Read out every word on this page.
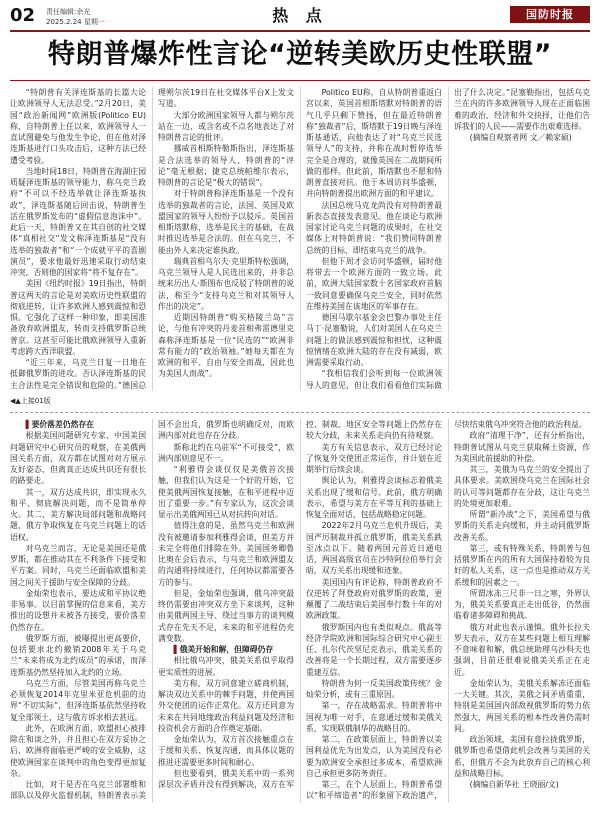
02 责任编辑:余光
2025.2.24 星期一	热 点	国防时报
特朗普爆炸性言论“逆转美欧历史性联盟”

“特朗普有关泽连斯基的长篇大论让欧洲领导人无法忍受。”2月20日，美国“政治新闻网”欧洲版(Politico EU)称，自特朗普上任以来，欧洲领导人一直试图避免与他发生争论，但在他对泽连斯基进行口头攻击后，这种方法已经遭受考验。

当地时间18日，特朗普在海湖庄园质疑泽连斯基的领导能力，称乌克兰政府“不可以不经选举就让泽连斯基执政”，泽连斯基随后回击说，特朗普生活在俄罗斯发布的“虚假信息泡沫中”。此后一天，特朗普又在其自创的社交媒体“真相社交”发文称泽连斯基是“没有选举的独裁者”和“一个成就平平的喜剧演员”，要求他最好迅速采取行动结束冲突，否则他的国家将“将不复存在”。

美国《纽约时报》19日指出，特朗普这两天的言论是对美欧历史性联盟的彻底逆转，让许多欧洲人感到震惊和恐惧。它强化了这样一种印象，即美国准备放弃欧洲盟友，转而支持俄罗斯总统普京。这甚至可能比俄欧洲领导人重新考虑跨大西洋联盟。

“近三年来，乌克兰日复一日地在抵御俄罗斯的进攻。否认泽连斯基的民主合法性是完全错误和危险的。”德国总理朔尔茨19日在社交媒体平台X上发文写道。

大部分欧洲国家领导人都与朔尔茨站在一边，或含名或不点名地表达了对特朗普言论的批评。

挪威首相斯特勒斯指出，泽连斯基是合法选举的领导人，特朗普的“评论”毫无根据；捷克总统帕维尔表示，特朗普的言论是“极大的错误”。

对于特朗普称泽连斯基是一个没有选举的独裁者的言论，法国、英国及欧盟国家的领导人纷纷予以驳斥。英国首相斯塔默称，选举是民主的基础，在战时推迟选举是合法的。但在乌克兰，不能由外人来决定谁执政。

瑞典首相乌尔夫·克里斯特松强调，乌克兰领导人是人民选出来的，并非总统来历出人·斯图布也反驳了特朗普的说法，称至今“支持乌克兰和对其领导人作出的决定”。

近期因特朗普“购买格陵兰岛”言论，与他有冲突的丹麦首相弗雷德里克森称泽连斯基是一位“民选的”“欧洲非常有能力的”政治领袖。”她每天都在为欧洲的和平、自由与安全而战，因此也为美国人而战”。

Politico EU称，自从特朗普重返白宫以来，英国首相斯塔默对特朗普的语气几乎只剩下赞扬，但在最近特朗普称“独裁者”后，斯塔默于19日晚与泽连斯基通话，向他表达了对“乌克兰民选领导人”的支持，并称在战时暂停选举完全是合理的，就像英国在二战期间所做的那样。但此前，斯塔默也不愿和特朗普直接对抗。他于本周访问华盛顿，并向特朗普提出欧洲方面的和平建议。

法国总统马克龙尚没有对特朗普最新表态直接发表意见。他在谈论与欧洲国家讨论乌克兰问题的成果时，在社交媒体上对特朗普说：“我们赞同特朗普总统的目标，即结束乌克兰的战争。

但他下周才会访问华盛顿，届时他将带去一个欧洲方面的一致立场。此前，欧洲大陆国家数十名国家政府首脑一致同意要确保乌克兰安全，同时依然在维持美国在该地区的军事存在。

德国马歇尔基金会巴黎办事处主任马丁·昆塞勒说，人们对美国人在乌克兰问题上的做法感到震惊和担忧，这种震惊情绪在欧洲大陆的存在没有减弱，欧洲需要采取行动。

“我相信我们会听到每一位欧洲领导人的意见，但让我们看看他们实际做出了什么决定。”昆塞勒指出，包括乌克兰在内的许多欧洲领导人现在正面临困难的政治、经济和外交抉择，让他们告诉我们的人民——需要作出艰难选择。

(摘编自观察者网 文／赖家硕)

◀▲上接01版

▌要价落差仍然存在

根据美国问题研究专家、中国美国问题研究中心研究员的观察，在美俄两国关系方面，双方都在试图对对方展示友好姿态，但离真正达成共识还有很长的路要走。

其一，双方达成共识，即实现永久和平、彻底解决问题，而不是简单停火。其二，美方解决局部问题和战略问题，俄方争取恢复在乌克兰问题上的话语权。

对乌克兰而言，无论是美国还是俄罗斯，都在推动其在不利条件下接受和平方案。同时，乌克兰还面临欧盟和美国之间关于援助与安全保障的分歧。

金灿荣也表示，要达成和平协议绝非易事。以目前掌握的信息来看，美方推出的设想并未被各方接受，要价落差仍然存在。

俄罗斯方面，被曝提出更高要价，包括要求北约撤销2008年关于乌克兰“未来将成为北约成员”的承诺，而泽连斯基仍然坚持加入北约的立场。

乌克兰方面，尽管美国再称乌克兰必须恢复2014年克里米亚危机前的边界“不切实际”，但泽连斯基依然坚持收复全部领土，这与俄方诉求相去甚远。

此外，在欧洲方面，欧盟担心被排除在和谈之外，并且担心在双方妥协之后，欧洲将面临更严峻的安全威胁，这使欧洲国家在谈判中的角色变得更加复杂。

比如，对于是否在乌克兰部署维和部队以及停火监督机制，特朗普表示美国不会出兵，俄罗斯也明确反对，而欧洲内部对此也存在分歧。

斯称北约在乌驻军“不可接受”，欧洲内部则意见不一。

“利雅得会谈仅仅是美俄首次接触，但我们认为这是一个好的开始，它使美俄两国恢复接触，在和平进程中迈出了重要一步。”有专家认为，这次会谈显示出美俄两国已从对抗转向对话。

值得注意的是，虽然乌克兰和欧洲没有被邀请参加利雅得会谈，但美方并未完全将他们排除在外。美国国务卿鲁比奥在会后表示，与乌克兰和欧洲盟友的沟通将持续进行，任何协议都需要各方的参与。

但是，金灿荣也强调，俄乌冲突最终仍需要由冲突双方坐下来谈判，这种由美俄两国主导、绕过当事方的谈判模式存在先天不足，未来的和平进程仍充满变数。

▌俄美开始和解，但障碍仍存

相比俄乌冲突，俄美关系似乎取得更实质性的进展。

美方称，双方同意建立磋商机制，解决双边关系中的棘手问题，并使两国外交使团的运作正常化。双方还同意为未来在共同地缘政治利益问题及经济和投资机会方面的合作奠定基础。

金灿荣认为，双方首次接触重点在于缓和关系、恢复沟通，而具体议题的推进还需要更多时间和耐心。

但也要看到，俄美关系中的一系列深层次矛盾并没有得到解决，双方在军控、制裁、地区安全等问题上仍然存在较大分歧，未来关系走向仍有待观察。

美方有关信息表示，双方已经讨论了恢复外交使团正常运作，并计划在近期举行后续会谈。

舆论认为，利雅得会谈标志着俄美关系出现了缓和信号。此前，俄方明确表示，希望与美方在平等互利的基础上恢复全面对话，包括战略稳定问题。

2022年2月乌克兰危机升级后，美国严厉制裁并孤立俄罗斯，俄美关系跌至冰点以下。随着两国元首近日通电话，两国高级官员在沙特阿拉伯举行会晤，双方关系出现缓和迹象。

美国国内有评论称，特朗普政府不仅逆转了拜登政府对俄罗斯的政策，更颠覆了二战结束后美国奉行数十年的对欧洲政策。

俄罗斯国内也有类似观点。俄高等经济学院欧洲和国际综合研究中心副主任、扎尔代茨坚尼克表示，俄美关系的改善将是一个长期过程，双方需要逐步重建互信。

特朗普为何一反美国政策传统？金灿荣分析，或有三重原因。

第一，存在战略需求。特朗普将中国视为唯一对手，在意通过缓和美俄关系，实现联俄制华的战略目的。

第二，在政策层面上，特朗普以美国利益优先为出发点，认为美国没有必要为欧洲安全承担过多成本，希望欧洲自己承担更多防务责任。

第三，在个人层面上，特朗普希望以“和平缔造者”的形象留下政治遗产，尽快结束俄乌冲突符合他的政治利益。

政府“清理干净”，还有分析指出，特朗普试图从乌克兰获取稀土资源，作为美国此前援助的补偿。

其三，美俄为乌克兰的安全提出了具体要求。美欧围绕乌克兰在国际社会的认可等问题都存在分歧，这让乌克兰的处境更加艰难。

所谓“新冷战”之下，美国希望与俄罗斯的关系走向缓和，并主动同俄罗斯改善关系。

第三，或有特殊关系，特朗普与包括俄罗斯在内的所有大国保持着较为良好的私人关系，这一点也是推动双方关系缓和的因素之一。

所谓冰冻三尺非一日之寒，外界认为，俄美关系要真正走出低谷，仍然面临着诸多障碍和挑战。

俄方对此也表示谨慎。俄外长拉夫罗夫表示，双方在某些问题上相互理解不意味着和解，俄总统助理乌沙科夫也强调，目前还很难说俄美关系正在走近。

金灿荣认为，美俄关系解冻还面临一大关键。其次，美俄之间矛盾重重，特别是美国国内部敌视俄罗斯的势力依然强大，两国关系的根本性改善仍需时间。

政治领域，美国有意拉拢俄罗斯，俄罗斯也希望借此机会改善与美国的关系，但俄方不会为此放弃自己的核心利益和战略目标。

(摘编自新华社 王晓丽/文)
